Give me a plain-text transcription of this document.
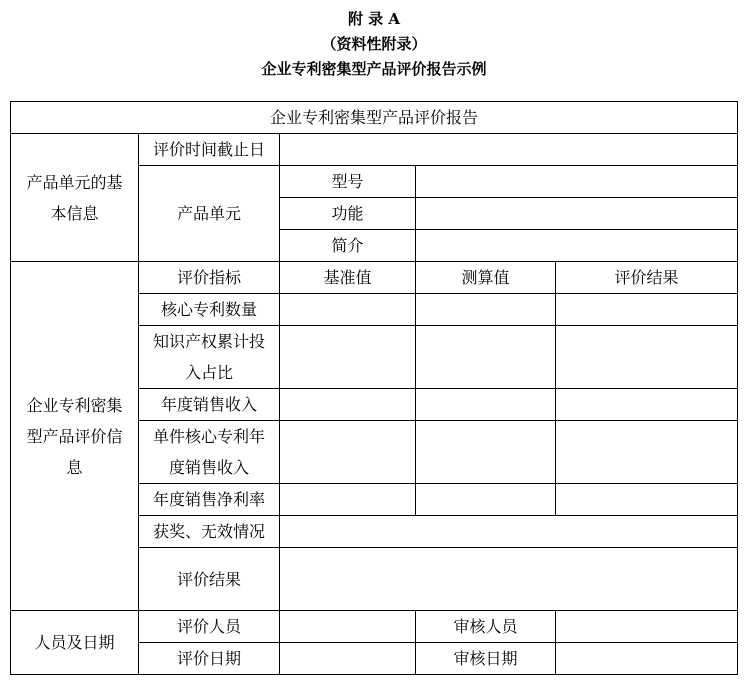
附 录 A
（资料性附录）
企业专利密集型产品评价报告示例
企业专利密集型产品评价报告				
产品单元的基本信息	评价时间截止日			
	产品单元	型号		
		功能		
		简介		
企业专利密集型产品评价信息	评价指标	基准值	测算值	评价结果
	核心专利数量			
	知识产权累计投入占比			
	年度销售收入			
	单件核心专利年度销售收入			
	年度销售净利率			
	获奖、无效情况			
	评价结果			
人员及日期	评价人员		审核人员	
	评价日期		审核日期	
